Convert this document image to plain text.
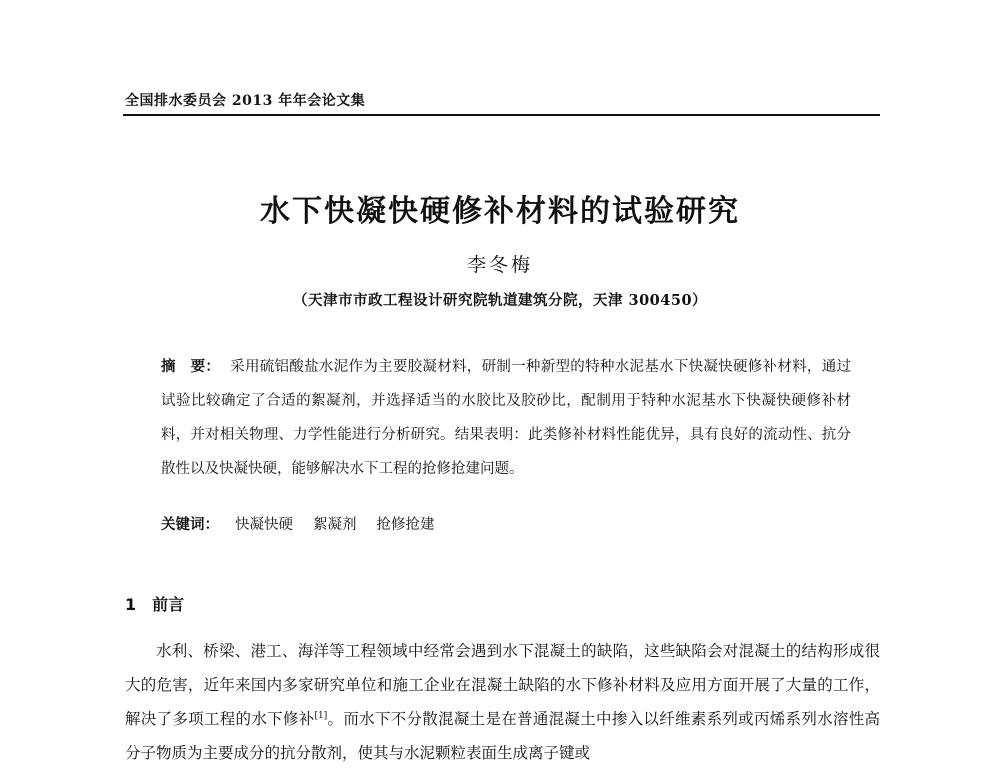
全国排水委员会 2013 年年会论文集
水下快凝快硬修补材料的试验研究
李冬梅
（天津市市政工程设计研究院轨道建筑分院，天津 300450）
摘　要： 采用硫铝酸盐水泥作为主要胶凝材料，研制一种新型的特种水泥基水下快凝快硬修补材料，通过试验比较确定了合适的絮凝剂，并选择适当的水胶比及胶砂比，配制用于特种水泥基水下快凝快硬修补材料，并对相关物理、力学性能进行分析研究。结果表明：此类修补材料性能优异，具有良好的流动性、抗分散性以及快凝快硬，能够解决水下工程的抢修抢建问题。
关键词： 快凝快硬 絮凝剂 抢修抢建
1 前言
水利、桥梁、港工、海洋等工程领域中经常会遇到水下混凝土的缺陷，这些缺陷会对混凝土的结构形成很大的危害，近年来国内多家研究单位和施工企业在混凝土缺陷的水下修补材料及应用方面开展了大量的工作，解决了多项工程的水下修补[1]。而水下不分散混凝土是在普通混凝土中掺入以纤维素系列或丙烯系列水溶性高分子物质为主要成分的抗分散剂，使其与水泥颗粒表面生成离子键或
